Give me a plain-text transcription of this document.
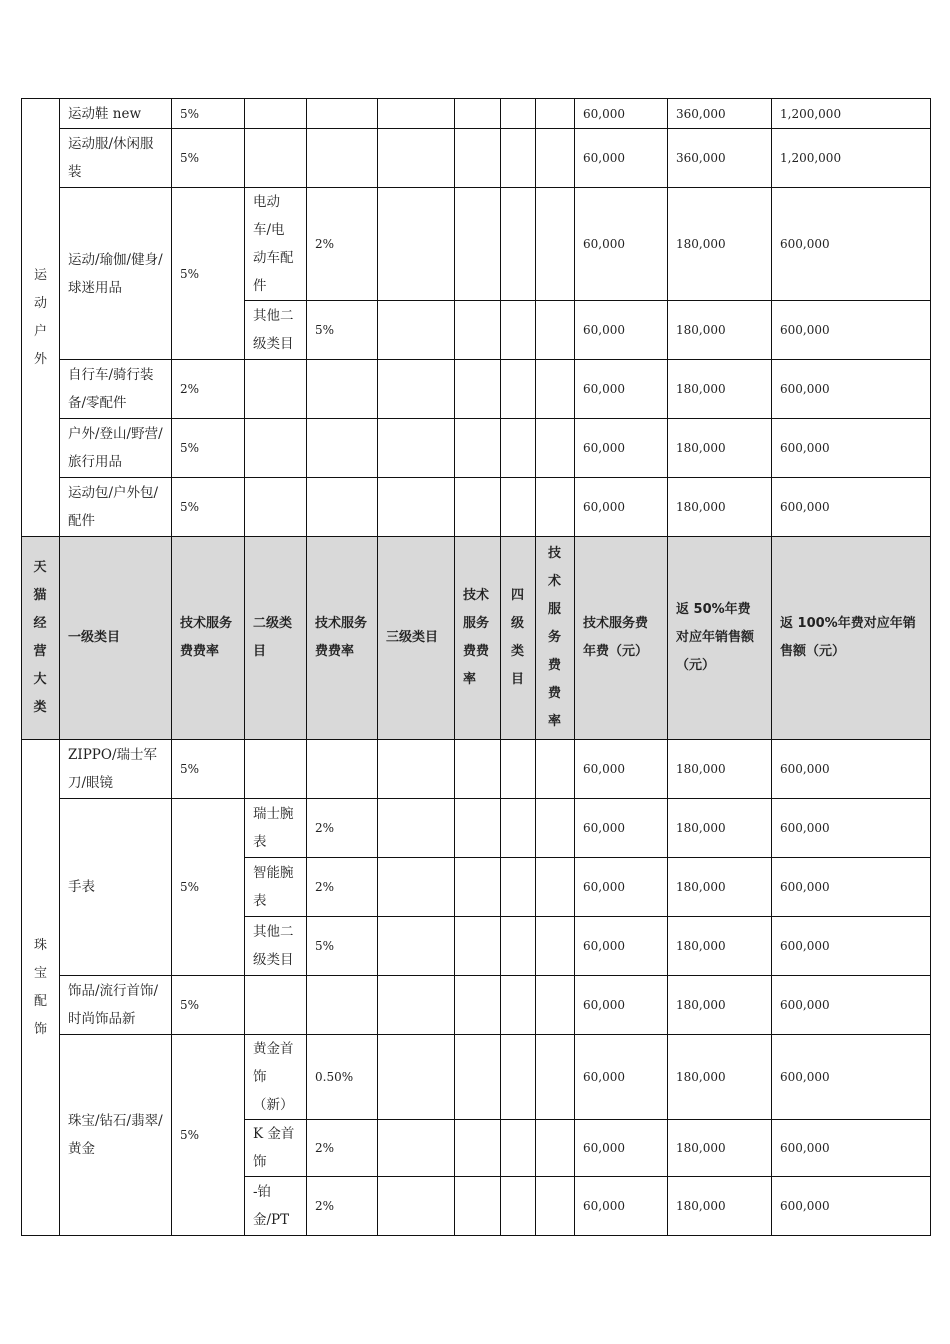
运动户外	运动鞋 new	5%							60,000	360,000	1,200,000
	运动服/休闲服装	5%							60,000	360,000	1,200,000
	运动/瑜伽/健身/球迷用品	5%	电动车/电动车配件	2%					60,000	180,000	600,000
			其他二级类目	5%					60,000	180,000	600,000
	自行车/骑行装备/零配件	2%							60,000	180,000	600,000
	户外/登山/野营/旅行用品	5%							60,000	180,000	600,000
	运动包/户外包/配件	5%							60,000	180,000	600,000

天猫经营大类	一级类目	技术服务费费率	二级类目	技术服务费费率	三级类目	技术服务费费率	四级类目	技术服务费费率	技术服务费年费（元）	返 50%年费对应年销售额（元）	返 100%年费对应年销售额（元）

珠宝配饰	ZIPPO/瑞士军刀/眼镜	5%							60,000	180,000	600,000
	手表	5%	瑞士腕表	2%					60,000	180,000	600,000
			智能腕表	2%					60,000	180,000	600,000
			其他二级类目	5%					60,000	180,000	600,000
	饰品/流行首饰/时尚饰品新	5%							60,000	180,000	600,000
	珠宝/钻石/翡翠/黄金	5%	黄金首饰（新）	0.50%					60,000	180,000	600,000
			K 金首饰	2%					60,000	180,000	600,000
			-铂金/PT	2%					60,000	180,000	600,000
